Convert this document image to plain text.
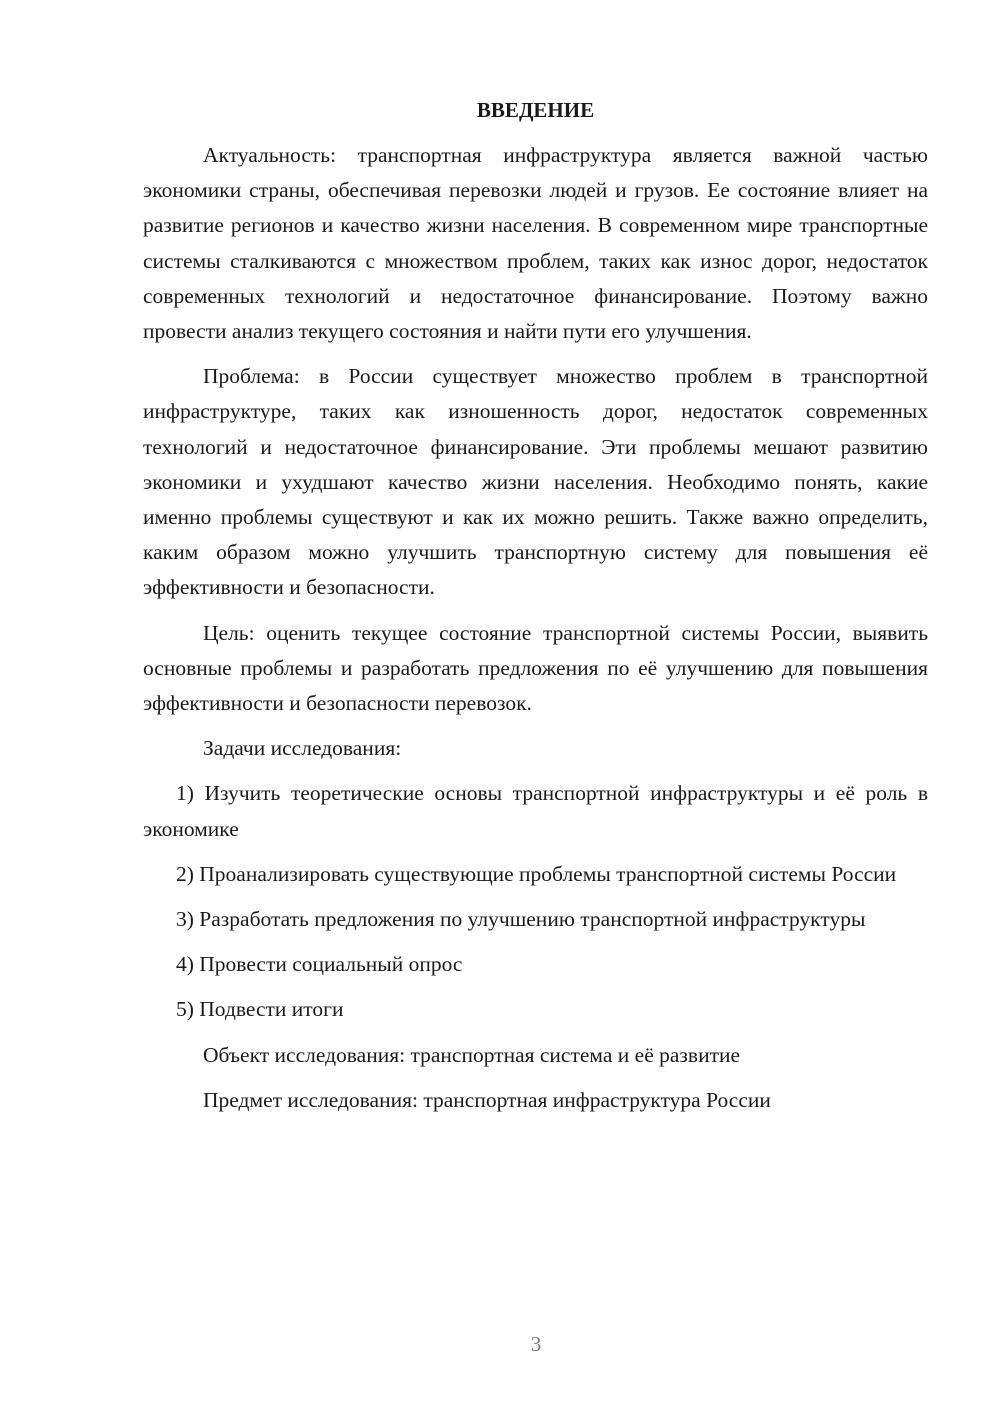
ВВЕДЕНИЕ

Актуальность: транспортная инфраструктура является важной частью экономики страны, обеспечивая перевозки людей и грузов. Ее состояние влияет на развитие регионов и качество жизни населения. В современном мире транспортные системы сталкиваются с множеством проблем, таких как износ дорог, недостаток современных технологий и недостаточное финансирование. Поэтому важно провести анализ текущего состояния и найти пути его улучшения.

Проблема: в России существует множество проблем в транспортной инфраструктуре, таких как изношенность дорог, недостаток современных технологий и недостаточное финансирование. Эти проблемы мешают развитию экономики и ухудшают качество жизни населения. Необходимо понять, какие именно проблемы существуют и как их можно решить. Также важно определить, каким образом можно улучшить транспортную систему для повышения её эффективности и безопасности.

Цель: оценить текущее состояние транспортной системы России, выявить основные проблемы и разработать предложения по её улучшению для повышения эффективности и безопасности перевозок.

Задачи исследования:

1) Изучить теоретические основы транспортной инфраструктуры и её роль в экономике

2) Проанализировать существующие проблемы транспортной системы России

3) Разработать предложения по улучшению транспортной инфраструктуры

4) Провести социальный опрос

5) Подвести итоги

Объект исследования: транспортная система и её развитие

Предмет исследования: транспортная инфраструктура России

3
